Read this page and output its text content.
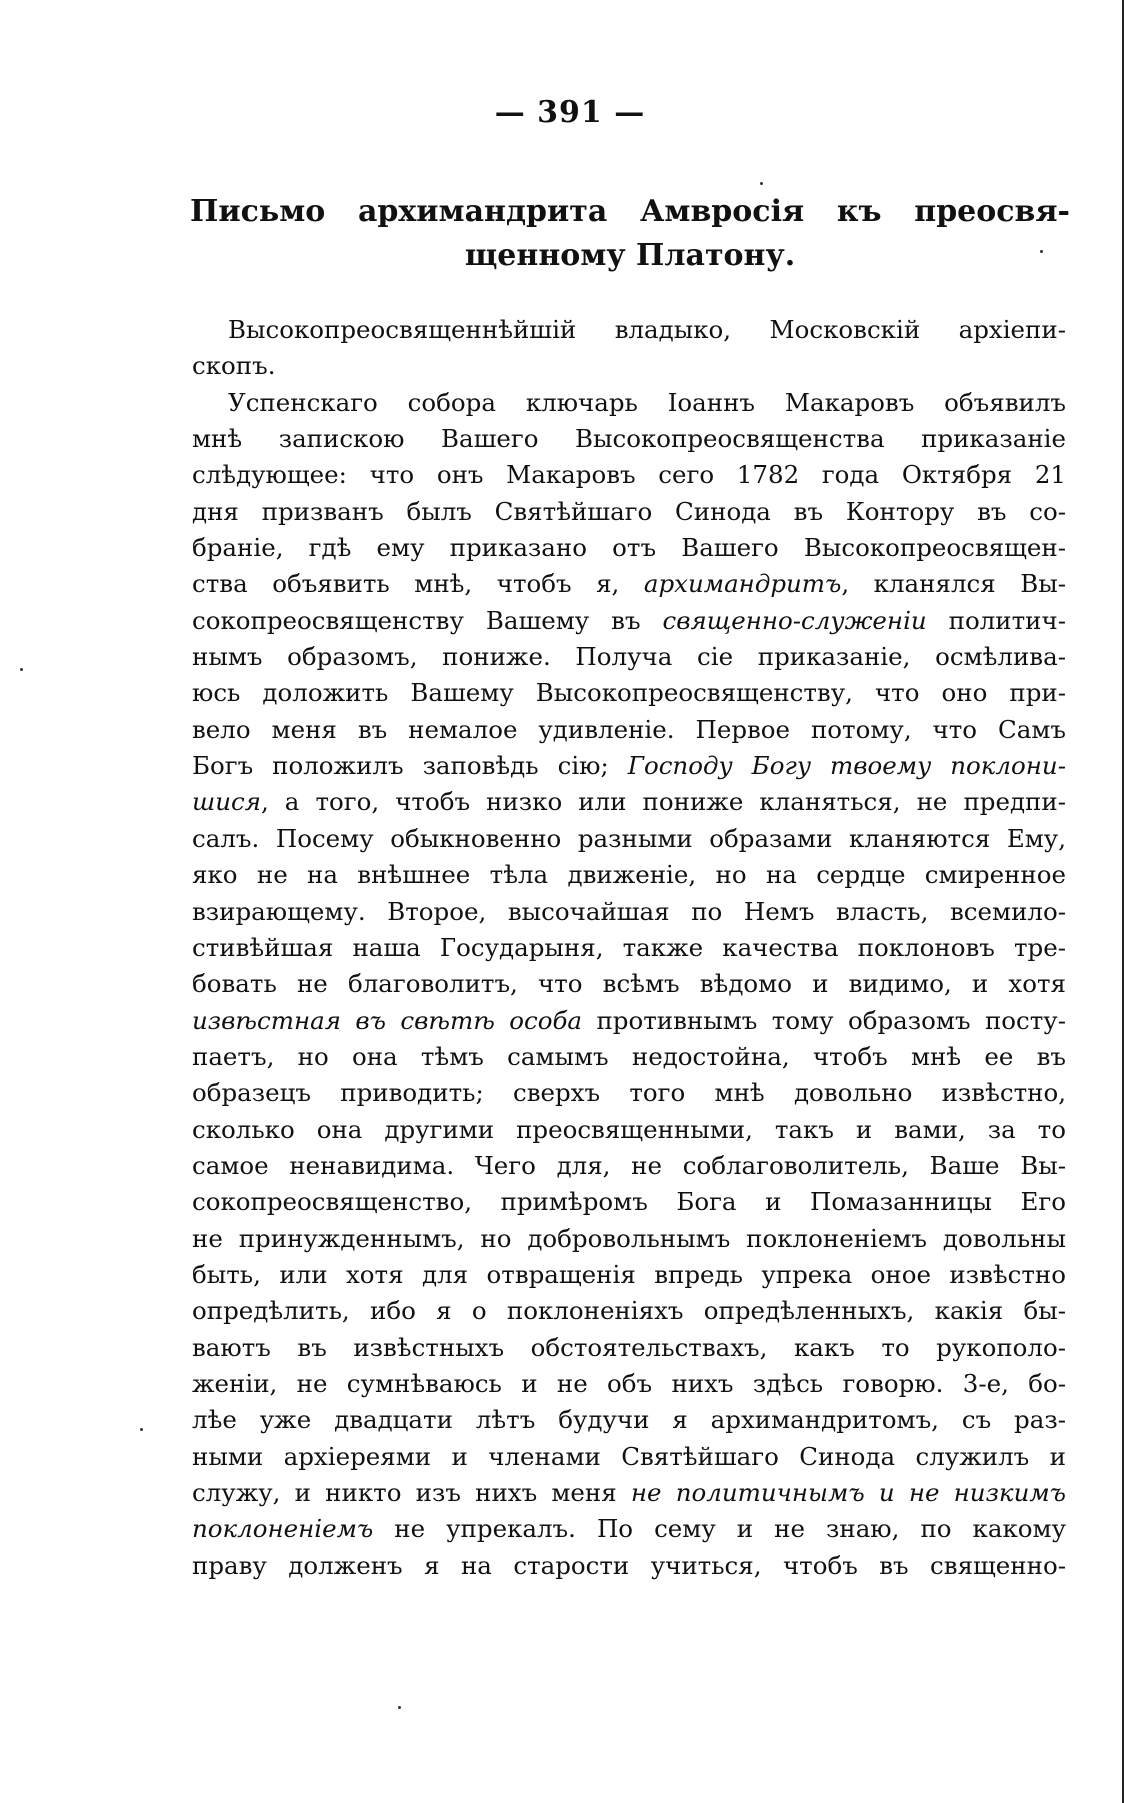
— 391 —
Письмо архимандрита Амвросія къ преосвя-
щенному Платону.
Высокопреосвященнѣйшій владыко, Московскій архіепи-
скопъ.
Успенскаго собора ключарь Іоаннъ Макаровъ объявилъ
мнѣ запискою Вашего Высокопреосвященства приказаніе
слѣдующее: что онъ Макаровъ сего 1782 года Октября 21
дня призванъ былъ Святѣйшаго Синода въ Контору въ со-
браніе, гдѣ ему приказано отъ Вашего Высокопреосвящен-
ства объявить мнѣ, чтобъ я, архимандритъ, кланялся Вы-
сокопреосвященству Вашему въ священно-служеніи политич-
нымъ образомъ, пониже. Получа сіе приказаніе, осмѣлива-
юсь доложить Вашему Высокопреосвященству, что оно при-
вело меня въ немалое удивленіе. Первое потому, что Самъ
Богъ положилъ заповѣдь сію; Господу Богу твоему поклони-
шися, а того, чтобъ низко или пониже кланяться, не предпи-
салъ. Посему обыкновенно разными образами кланяются Ему,
яко не на внѣшнее тѣла движеніе, но на сердце смиренное
взирающему. Второе, высочайшая по Немъ власть, всемило-
стивѣйшая наша Государыня, также качества поклоновъ тре-
бовать не благоволитъ, что всѣмъ вѣдомо и видимо, и хотя
извѣстная въ свѣтѣ особа противнымъ тому образомъ посту-
паетъ, но она тѣмъ самымъ недостойна, чтобъ мнѣ ее въ
образецъ приводить; сверхъ того мнѣ довольно извѣстно,
сколько она другими преосвященными, такъ и вами, за то
самое ненавидима. Чего для, не соблаговолитель, Ваше Вы-
сокопреосвященство, примѣромъ Бога и Помазанницы Его
не принужденнымъ, но добровольнымъ поклоненіемъ довольны
быть, или хотя для отвращенія впредь упрека оное извѣстно
опредѣлить, ибо я о поклоненіяхъ опредѣленныхъ, какія бы-
ваютъ въ извѣстныхъ обстоятельствахъ, какъ то рукополо-
женіи, не сумнѣваюсь и не объ нихъ здѣсь говорю. 3-е, бо-
лѣе уже двадцати лѣтъ будучи я архимандритомъ, съ раз-
ными архіереями и членами Святѣйшаго Синода служилъ и
служу, и никто изъ нихъ меня не политичнымъ и не низкимъ
поклоненіемъ не упрекалъ. По сему и не знаю, по какому
праву долженъ я на старости учиться, чтобъ въ священно-
